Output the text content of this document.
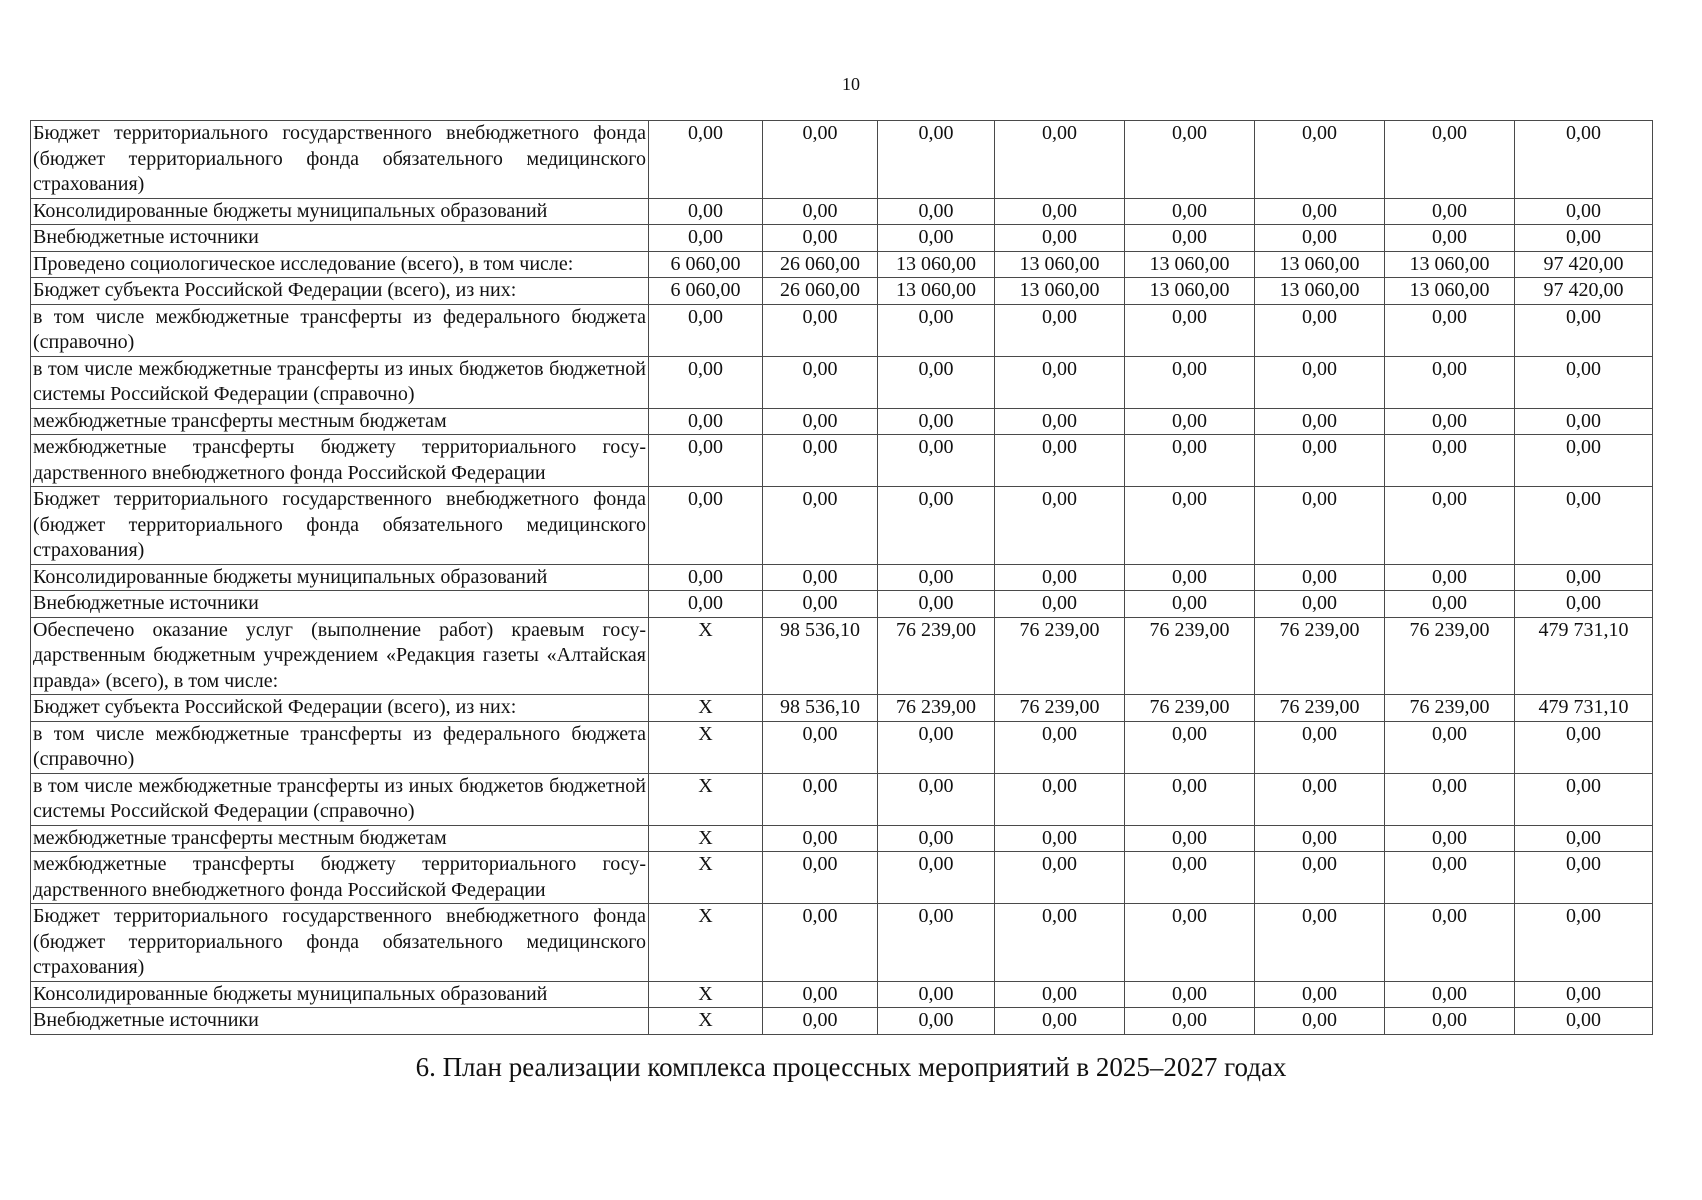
10
Бюджет территориального государственного внебюджетного фонда (бюджет территориального фонда обязательного медицинского страхования)	0,00	0,00	0,00	0,00	0,00	0,00	0,00	0,00
Консолидированные бюджеты муниципальных образований	0,00	0,00	0,00	0,00	0,00	0,00	0,00	0,00
Внебюджетные источники	0,00	0,00	0,00	0,00	0,00	0,00	0,00	0,00
Проведено социологическое исследование (всего), в том числе:	6 060,00	26 060,00	13 060,00	13 060,00	13 060,00	13 060,00	13 060,00	97 420,00
Бюджет субъекта Российской Федерации (всего), из них:	6 060,00	26 060,00	13 060,00	13 060,00	13 060,00	13 060,00	13 060,00	97 420,00
в том числе межбюджетные трансферты из федерального бюджета (справочно)	0,00	0,00	0,00	0,00	0,00	0,00	0,00	0,00
в том числе межбюджетные трансферты из иных бюджетов бюджетной системы Российской Федерации (справочно)	0,00	0,00	0,00	0,00	0,00	0,00	0,00	0,00
межбюджетные трансферты местным бюджетам	0,00	0,00	0,00	0,00	0,00	0,00	0,00	0,00
межбюджетные трансферты бюджету территориального государственного внебюджетного фонда Российской Федерации	0,00	0,00	0,00	0,00	0,00	0,00	0,00	0,00
Бюджет территориального государственного внебюджетного фонда (бюджет территориального фонда обязательного медицинского страхования)	0,00	0,00	0,00	0,00	0,00	0,00	0,00	0,00
Консолидированные бюджеты муниципальных образований	0,00	0,00	0,00	0,00	0,00	0,00	0,00	0,00
Внебюджетные источники	0,00	0,00	0,00	0,00	0,00	0,00	0,00	0,00
Обеспечено оказание услуг (выполнение работ) краевым государственным бюджетным учреждением «Редакция газеты «Алтайская правда» (всего), в том числе:	X	98 536,10	76 239,00	76 239,00	76 239,00	76 239,00	76 239,00	479 731,10
Бюджет субъекта Российской Федерации (всего), из них:	X	98 536,10	76 239,00	76 239,00	76 239,00	76 239,00	76 239,00	479 731,10
в том числе межбюджетные трансферты из федерального бюджета (справочно)	X	0,00	0,00	0,00	0,00	0,00	0,00	0,00
в том числе межбюджетные трансферты из иных бюджетов бюджетной системы Российской Федерации (справочно)	X	0,00	0,00	0,00	0,00	0,00	0,00	0,00
межбюджетные трансферты местным бюджетам	X	0,00	0,00	0,00	0,00	0,00	0,00	0,00
межбюджетные трансферты бюджету территориального государственного внебюджетного фонда Российской Федерации	X	0,00	0,00	0,00	0,00	0,00	0,00	0,00
Бюджет территориального государственного внебюджетного фонда (бюджет территориального фонда обязательного медицинского страхования)	X	0,00	0,00	0,00	0,00	0,00	0,00	0,00
Консолидированные бюджеты муниципальных образований	X	0,00	0,00	0,00	0,00	0,00	0,00	0,00
Внебюджетные источники	X	0,00	0,00	0,00	0,00	0,00	0,00	0,00
6. План реализации комплекса процессных мероприятий в 2025–2027 годах
